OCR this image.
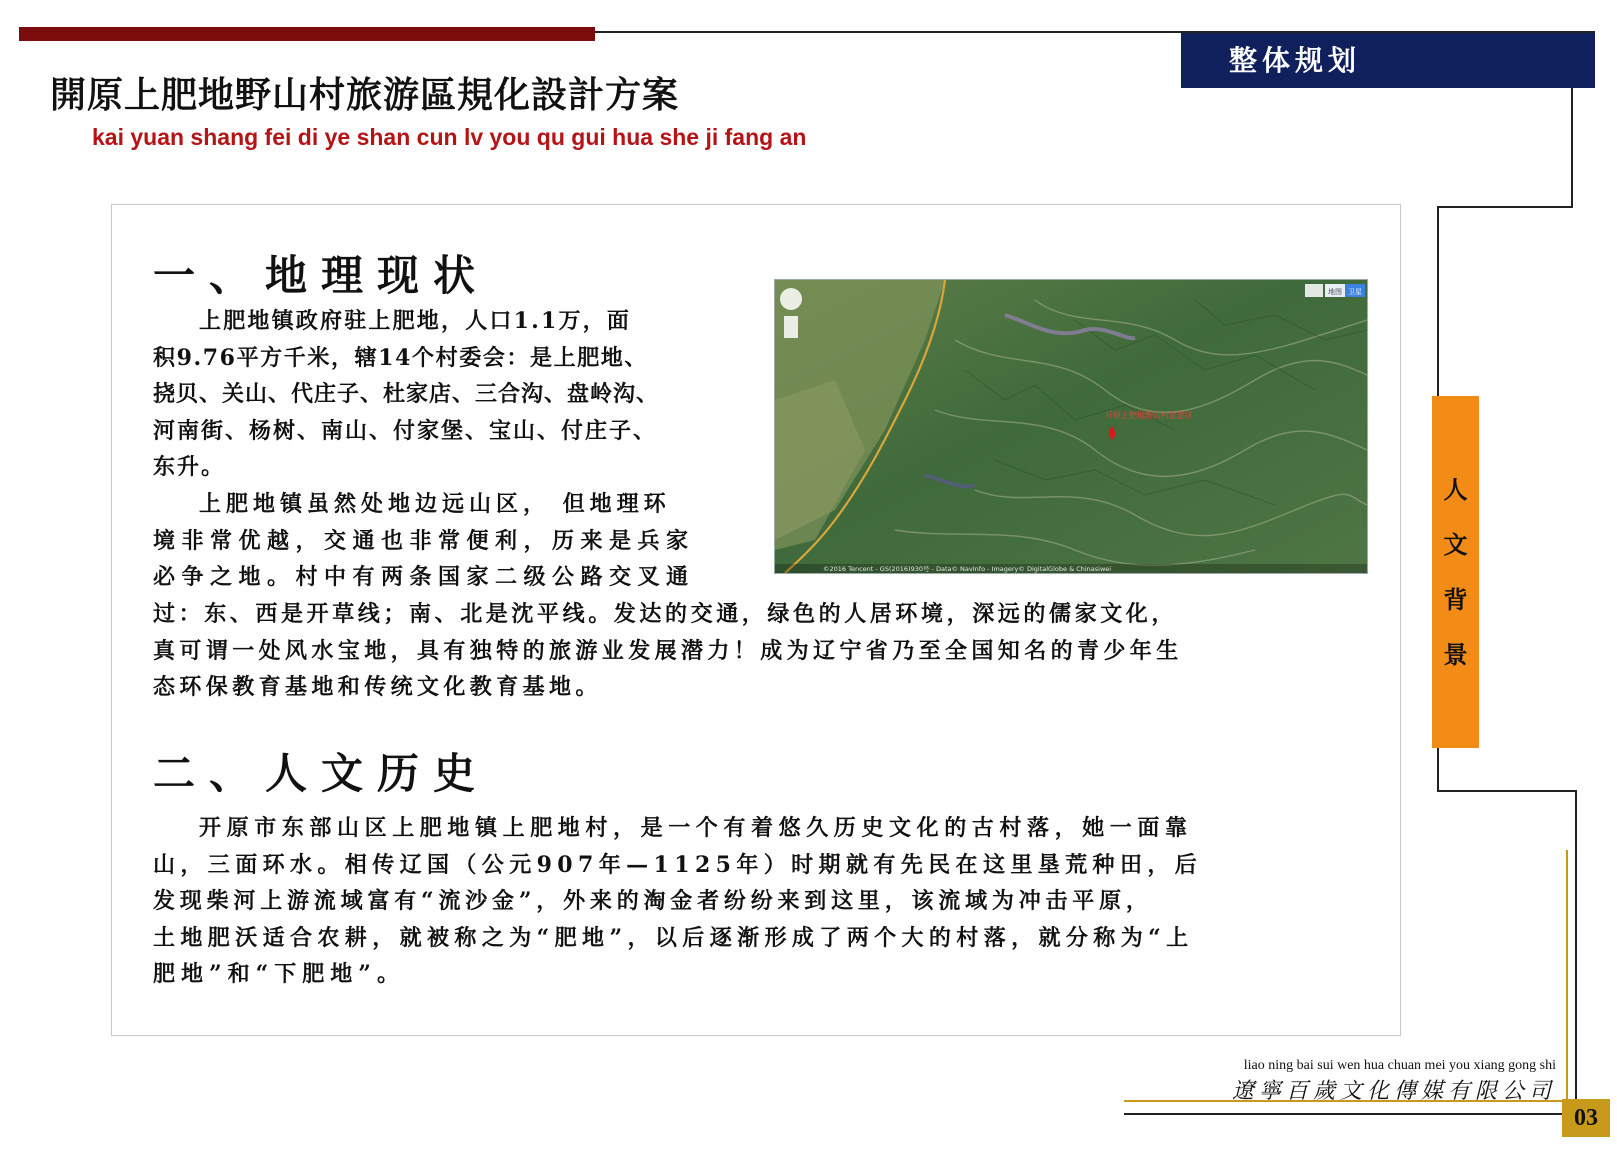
整体规划
開原上肥地野山村旅游區規化設計方案
kai yuan shang fei di ye shan cun lv you qu gui hua she ji fang an
一、地理现状
上肥地镇政府驻上肥地，人口1.1万，面
积9.76平方千米，辖14个村委会：是上肥地、
挠贝、关山、代庄子、杜家店、三合沟、盘岭沟、
河南街、杨树、南山、付家堡、宝山、付庄子、
东升。
上肥地镇虽然处地边远山区， 但地理环
境非常优越，交通也非常便利，历来是兵家
必争之地。村中有两条国家二级公路交叉通
过：东、西是开草线；南、北是沈平线。发达的交通，绿色的人居环境，深远的儒家文化，
真可谓一处风水宝地，具有独特的旅游业发展潜力！成为辽宁省乃至全国知名的青少年生
态环保教育基地和传统文化教育基地。
地图 卫星
开原上肥地野山村旅游区
©2016 Tencent - GS(2016)930号 - Data© NavInfo - Imagery© DigitalGlobe & Chinasiwei
二、人文历史
开原市东部山区上肥地镇上肥地村，是一个有着悠久历史文化的古村落，她一面靠
山，三面环水。相传辽国（公元907年—1125年）时期就有先民在这里垦荒种田，后
发现柴河上游流域富有“流沙金”，外来的淘金者纷纷来到这里，该流域为冲击平原，
土地肥沃适合农耕，就被称之为“肥地”，以后逐渐形成了两个大的村落，就分称为“上
肥地”和“下肥地”。
人
文
背
景
liao ning bai sui wen hua chuan mei you xiang gong shi
遼寧百歲文化傳媒有限公司
03
